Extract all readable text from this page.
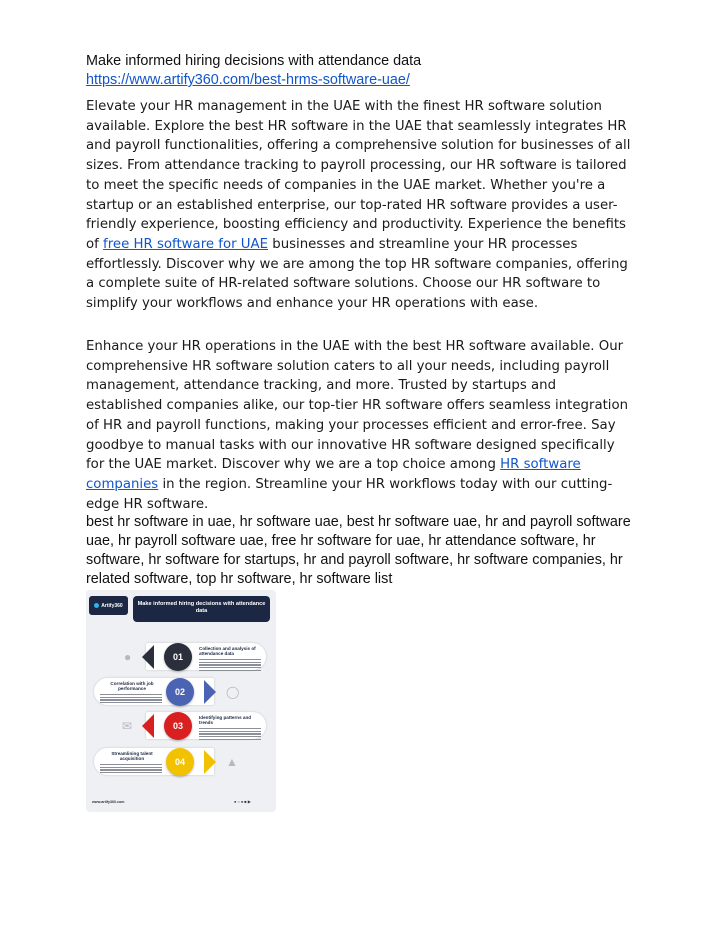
Make informed hiring decisions with attendance data
https://www.artify360.com/best-hrms-software-uae/
Elevate your HR management in the UAE with the finest HR software solution available. Explore the best HR software in the UAE that seamlessly integrates HR and payroll functionalities, offering a comprehensive solution for businesses of all sizes. From attendance tracking to payroll processing, our HR software is tailored to meet the specific needs of companies in the UAE market. Whether you're a startup or an established enterprise, our top-rated HR software provides a user-friendly experience, boosting efficiency and productivity. Experience the benefits of free HR software for UAE businesses and streamline your HR processes effortlessly. Discover why we are among the top HR software companies, offering a complete suite of HR-related software solutions. Choose our HR software to simplify your workflows and enhance your HR operations with ease.
Enhance your HR operations in the UAE with the best HR software available. Our comprehensive HR software solution caters to all your needs, including payroll management, attendance tracking, and more. Trusted by startups and established companies alike, our top-tier HR software offers seamless integration of HR and payroll functions, making your processes efficient and error-free. Say goodbye to manual tasks with our innovative HR software designed specifically for the UAE market. Discover why we are a top choice among HR software companies in the region. Streamline your HR workflows today with our cutting-edge HR software.
best hr software in uae, hr software uae, best hr software uae, hr and payroll software uae, hr payroll software uae, free hr software for uae, hr attendance software, hr software, hr software for startups, hr and payroll software, hr software companies, hr related software, top hr software, hr software list
Artify360	Make informed hiring decisions with attendance data
●	01
Collection and analysis of attendance data
Correlation with job performance	02	◯
✉	03
Identifying patterns and trends
Streamlining talent acquisition	04	▲
www.artify360.com	●○●■▶
